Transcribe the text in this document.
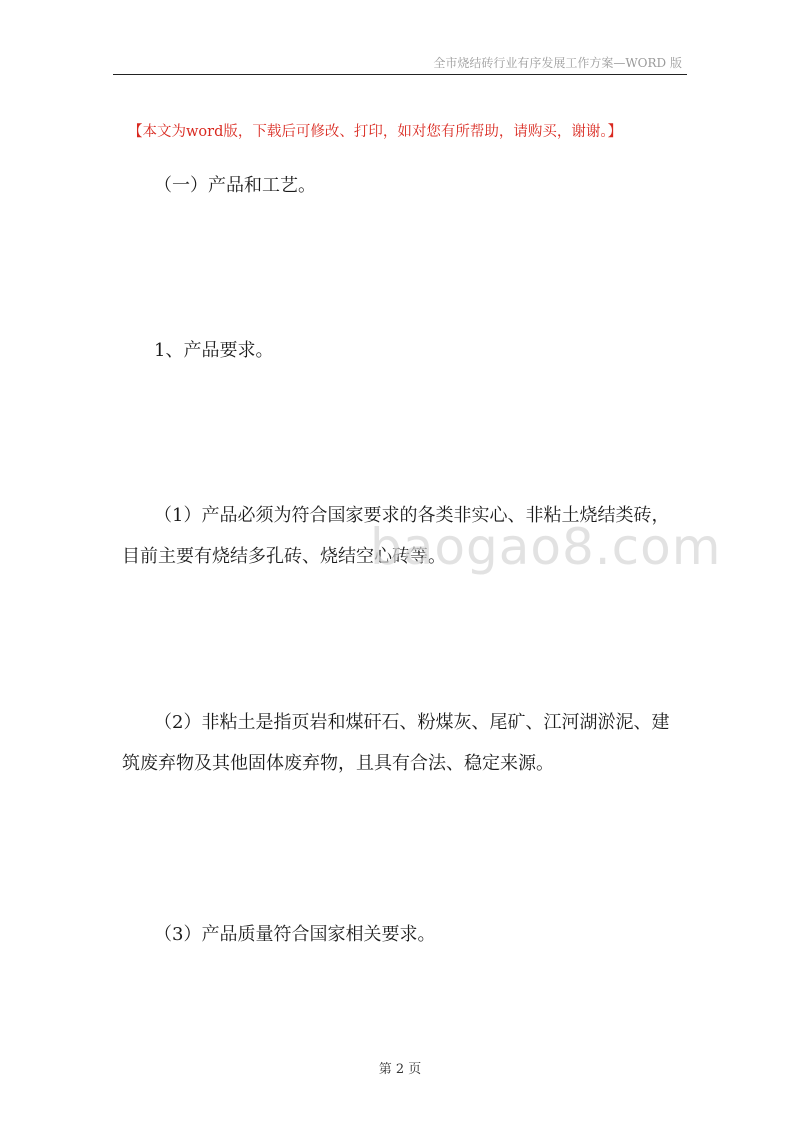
全市烧结砖行业有序发展工作方案—WORD 版
【本文为word版，下载后可修改、打印，如对您有所帮助，请购买，谢谢。】
（一）产品和工艺。
1、产品要求。
（1）产品必须为符合国家要求的各类非实心、非粘土烧结类砖，
目前主要有烧结多孔砖、烧结空心砖等。
baogao8.com
（2）非粘土是指页岩和煤矸石、粉煤灰、尾矿、江河湖淤泥、建
筑废弃物及其他固体废弃物，且具有合法、稳定来源。
（3）产品质量符合国家相关要求。
第 2 页
